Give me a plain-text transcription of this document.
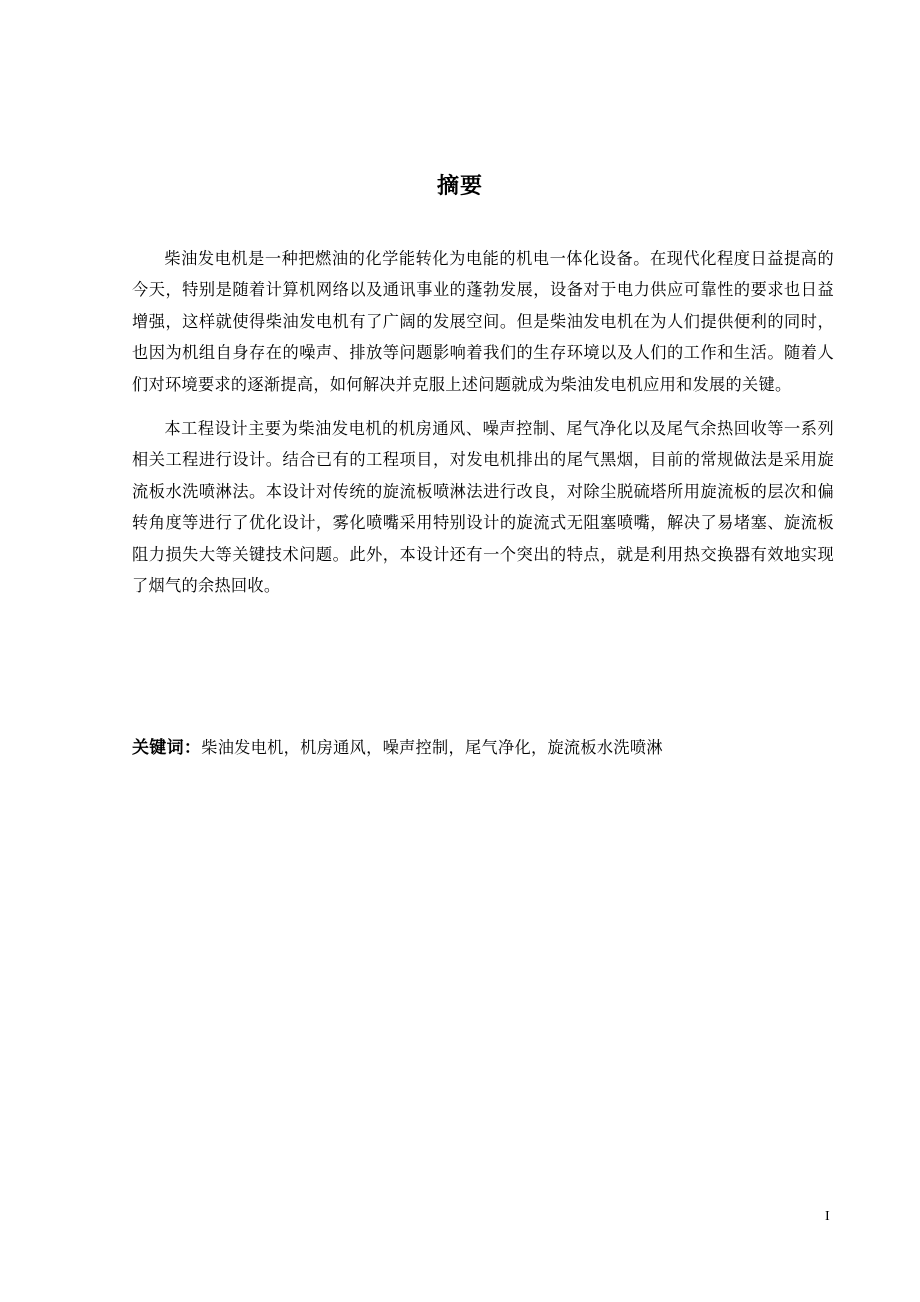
摘要

柴油发电机是一种把燃油的化学能转化为电能的机电一体化设备。在现代化程度日益提高的今天，特别是随着计算机网络以及通讯事业的蓬勃发展，设备对于电力供应可靠性的要求也日益增强，这样就使得柴油发电机有了广阔的发展空间。但是柴油发电机在为人们提供便利的同时，也因为机组自身存在的噪声、排放等问题影响着我们的生存环境以及人们的工作和生活。随着人们对环境要求的逐渐提高，如何解决并克服上述问题就成为柴油发电机应用和发展的关键。

本工程设计主要为柴油发电机的机房通风、噪声控制、尾气净化以及尾气余热回收等一系列相关工程进行设计。结合已有的工程项目，对发电机排出的尾气黑烟，目前的常规做法是采用旋流板水洗喷淋法。本设计对传统的旋流板喷淋法进行改良，对除尘脱硫塔所用旋流板的层次和偏转角度等进行了优化设计，雾化喷嘴采用特别设计的旋流式无阻塞喷嘴，解决了易堵塞、旋流板阻力损失大等关键技术问题。此外，本设计还有一个突出的特点，就是利用热交换器有效地实现了烟气的余热回收。

关键词：柴油发电机，机房通风，噪声控制，尾气净化，旋流板水洗喷淋
I
